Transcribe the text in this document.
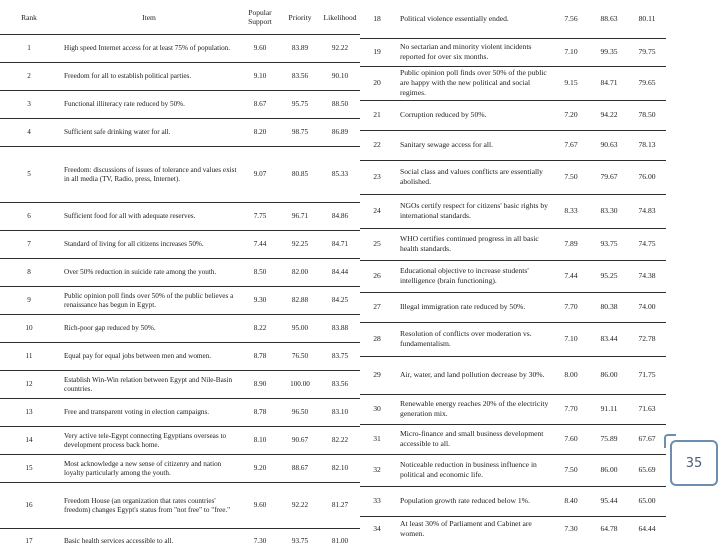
Rank	Item	Popular Support	Priority	Likelihood
1	High speed Internet access for at least 75% of population.	9.60	83.89	92.22
2	Freedom for all to establish political parties.	9.10	83.56	90.10
3	Functional illiteracy rate reduced by 50%.	8.67	95.75	88.50
4	Sufficient safe drinking water for all.	8.20	98.75	86.89
5	Freedom: discussions of issues of tolerance and values exist in all media (TV, Radio, press, Internet).	9.07	80.85	85.33
6	Sufficient food for all with adequate reserves.	7.75	96.71	84.86
7	Standard of living for all citizens increases 50%.	7.44	92.25	84.71
8	Over 50% reduction in suicide rate among the youth.	8.50	82.00	84.44
9	Public opinion poll finds over 50% of the public believes a renaissance has begun in Egypt.	9.30	82.88	84.25
10	Rich-poor gap reduced by 50%.	8.22	95.00	83.88
11	Equal pay for equal jobs between men and women.	8.78	76.50	83.75
12	Establish Win-Win relation between Egypt and Nile-Basin countries.	8.90	100.00	83.56
13	Free and transparent voting in election campaigns.	8.78	96.50	83.10
14	Very active tele-Egypt connecting Egyptians overseas to development process back home.	8.10	90.67	82.22
15	Most acknowledge a new sense of citizenry and nation loyalty particularly among the youth.	9.20	88.67	82.10
16	Freedom House (an organization that rates countries' freedom) changes Egypt's status from "not free" to "free."	9.60	92.22	81.27
17	Basic health services accessible to all.	7.30	93.75	81.00
18	Political violence essentially ended.	7.56	88.63	80.11
19	No sectarian and minority violent incidents reported for over six months.	7.10	99.35	79.75
20	Public opinion poll finds over 50% of the public are happy with the new political and social regimes.	9.15	84.71	79.65
21	Corruption reduced by 50%.	7.20	94.22	78.50
22	Sanitary sewage access for all.	7.67	90.63	78.13
23	Social class and values conflicts are essentially abolished.	7.50	79.67	76.00
24	NGOs certify respect for citizens' basic rights by international standards.	8.33	83.30	74.83
25	WHO certifies continued progress in all basic health standards.	7.89	93.75	74.75
26	Educational objective to increase students' intelligence (brain functioning).	7.44	95.25	74.38
27	Illegal immigration rate reduced by 50%.	7.70	80.38	74.00
28	Resolution of conflicts over moderation vs. fundamentalism.	7.10	83.44	72.78
29	Air, water, and land pollution decrease by 30%.	8.00	86.00	71.75
30	Renewable energy reaches 20% of the electricity generation mix.	7.70	91.11	71.63
31	Micro-finance and small business development accessible to all.	7.60	75.89	67.67
32	Noticeable reduction in business influence in political and economic life.	7.50	86.00	65.69
33	Population growth rate reduced below 1%.	8.40	95.44	65.00
34	At least 30% of Parliament and Cabinet are women.	7.30	64.78	64.44
35
